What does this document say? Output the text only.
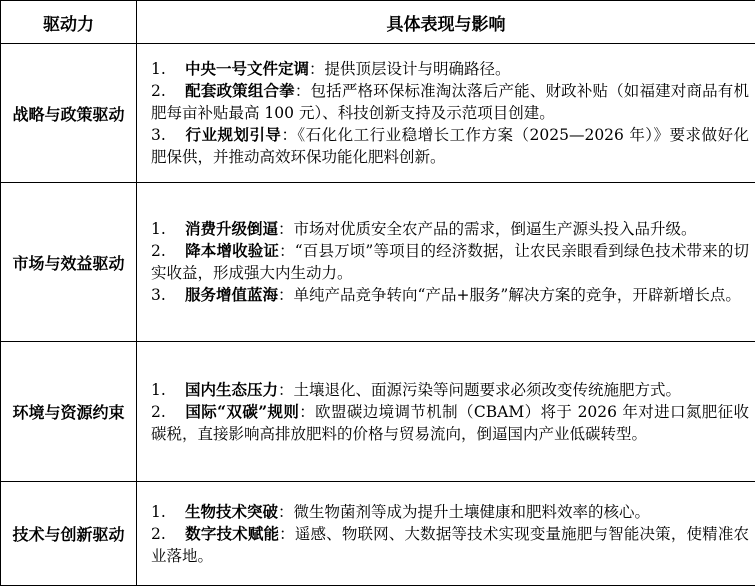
驱动力	具体表现与影响
战略与政策驱动	1. 中央一号文件定调：提供顶层设计与明确路径。

2. 配套政策组合拳：包括严格环保标准淘汰落后产能、财政补贴（如福建对商品有机肥每亩补贴最高 100 元）、科技创新支持及示范项目创建。

3. 行业规划引导：《石化化工行业稳增长工作方案（2025—2026 年）》要求做好化肥保供，并推动高效环保功能化肥料创新。

市场与效益驱动	1. 消费升级倒逼：市场对优质安全农产品的需求，倒逼生产源头投入品升级。

2. 降本增收验证：“百县万顷”等项目的经济数据，让农民亲眼看到绿色技术带来的切实收益，形成强大内生动力。

3. 服务增值蓝海：单纯产品竞争转向“产品+服务”解决方案的竞争，开辟新增长点。

环境与资源约束	1. 国内生态压力：土壤退化、面源污染等问题要求必须改变传统施肥方式。

2. 国际“双碳”规则：欧盟碳边境调节机制（CBAM）将于 2026 年对进口氮肥征收碳税，直接影响高排放肥料的价格与贸易流向，倒逼国内产业低碳转型。

技术与创新驱动	1. 生物技术突破：微生物菌剂等成为提升土壤健康和肥料效率的核心。

2. 数字技术赋能：遥感、物联网、大数据等技术实现变量施肥与智能决策，使精准农业落地。
